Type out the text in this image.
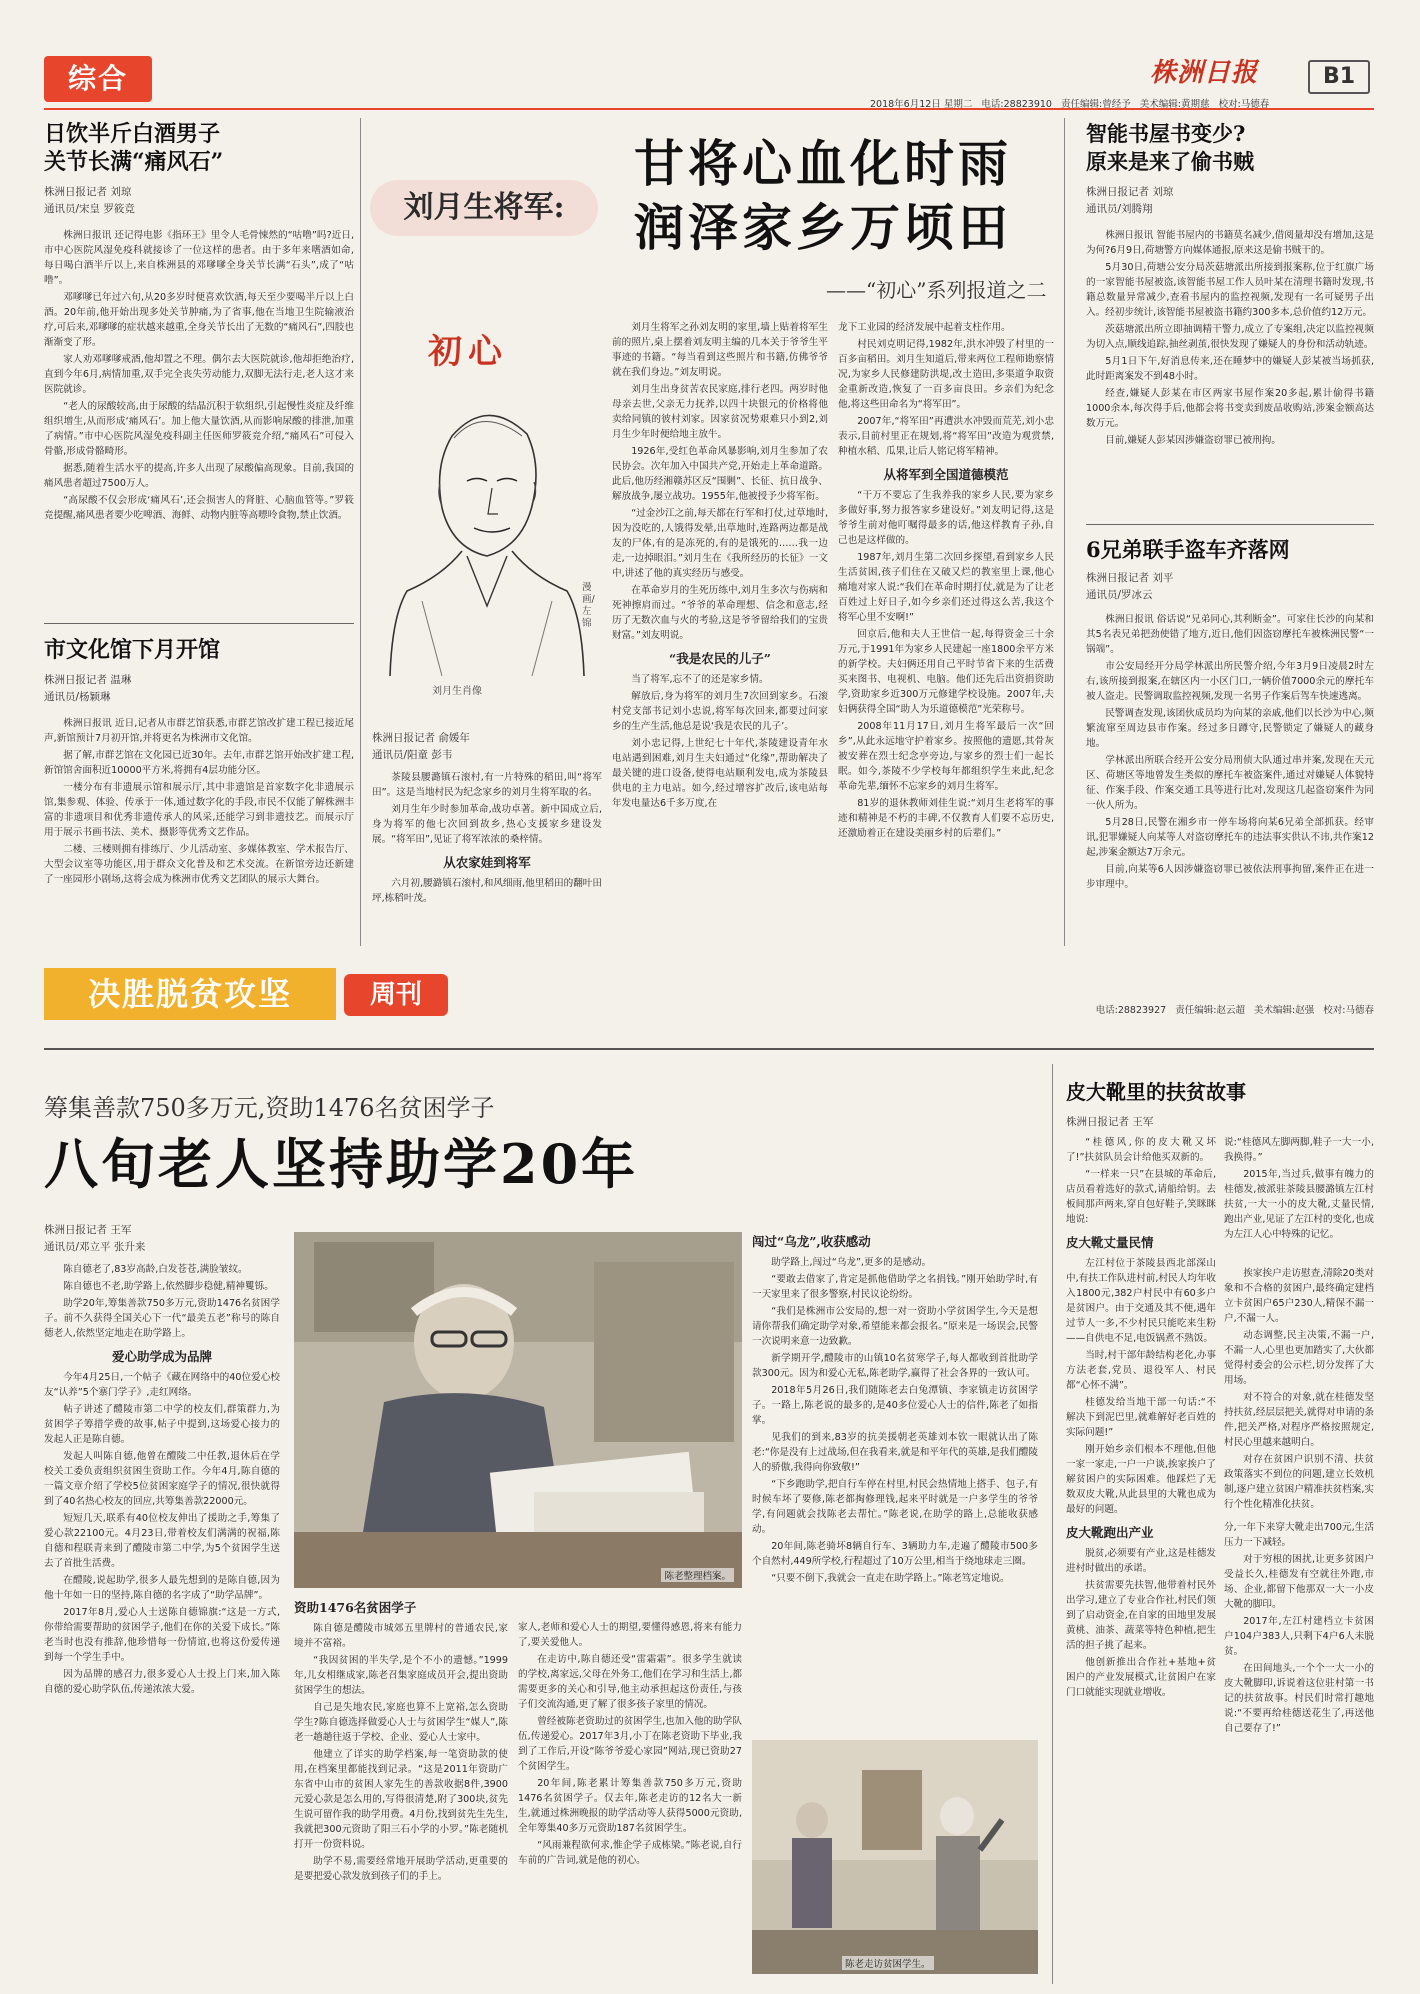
综合	株洲日报	B1
2018年6月12日 星期二 电话:28823910 责任编辑:曾经予 美术编辑:黄期慈 校对:马德春
日饮半斤白酒男子
关节长满“痛风石”
株洲日报记者 刘琼
通讯员/宋皇 罗筱竞

株洲日报讯 还记得电影《指环王》里令人毛骨悚然的“咕噜”吗?近日,市中心医院风湿免疫科就接诊了一位这样的患者。由于多年来嗜酒如命,每日喝白酒半斤以上,来自株洲县的邓嗲嗲全身关节长满“石头”,成了“咕噜”。

邓嗲嗲已年过六旬,从20多岁时便喜欢饮酒,每天至少要喝半斤以上白酒。20年前,他开始出现多处关节肿痛,为了省事,他在当地卫生院输液治疗,可后来,邓嗲嗲的症状越来越重,全身关节长出了无数的“痛风石”,四肢也渐渐变了形。

家人劝邓嗲嗲戒酒,他却置之不理。偶尔去大医院就诊,他却拒绝治疗,直到今年6月,病情加重,双手完全丧失劳动能力,双脚无法行走,老人这才来医院就诊。

“老人的尿酸较高,由于尿酸的结晶沉积于软组织,引起慢性炎症及纤维组织增生,从而形成‘痛风石’。加上他大量饮酒,从而影响尿酸的排泄,加重了病情。”市中心医院风湿免疫科副主任医师罗筱竞介绍,“痛风石”可侵入骨骼,形成骨骼畸形。

据悉,随着生活水平的提高,许多人出现了尿酸偏高现象。目前,我国的痛风患者超过7500万人。

“高尿酸不仅会形成‘痛风石’,还会损害人的肾脏、心脑血管等。”罗筱竞提醒,痛风患者要少吃啤酒、海鲜、动物内脏等高嘌呤食物,禁止饮酒。

市文化馆下月开馆
株洲日报记者 温琳
通讯员/杨颖琳

株洲日报讯 近日,记者从市群艺馆获悉,市群艺馆改扩建工程已接近尾声,新馆预计7月初开馆,并将更名为株洲市文化馆。

据了解,市群艺馆在文化园已近30年。去年,市群艺馆开始改扩建工程,新馆馆舍面积近10000平方米,将拥有4层功能分区。

一楼分布有非遗展示馆和展示厅,其中非遗馆是首家数字化非遗展示馆,集参观、体验、传承于一体,通过数字化的手段,市民不仅能了解株洲丰富的非遗项目和优秀非遗传承人的风采,还能学习到非遗技艺。而展示厅用于展示书画书法、美术、摄影等优秀文艺作品。

二楼、三楼则拥有排练厅、少儿活动室、多媒体教室、学术报告厅、大型会议室等功能区,用于群众文化普及和艺术交流。在新馆旁边还新建了一座园形小剧场,这将会成为株洲市优秀文艺团队的展示大舞台。

刘月生将军:
甘将心血化时雨
润泽家乡万顷田
——“初心”系列报道之二
初心
刘月生肖像
漫画/左锦
株洲日报记者 俞媛年
通讯员/阳童 彭韦

茶陵县腰潞镇石滚村,有一片特殊的稻田,叫“将军田”。这是当地村民为纪念家乡的刘月生将军取的名。

刘月生年少时参加革命,战功卓著。新中国成立后,身为将军的他七次回到故乡,热心支援家乡建设发展。“将军田”,见证了将军浓浓的桑梓情。

从农家娃到将军

六月初,腰潞镇石滚村,和风细雨,他里稻田的翻叶田坪,栋稻叶茂。

刘月生将军之孙刘友明的家里,墙上贴着将军生前的照片,桌上摆着刘友明主编的几本关于爷爷生平事迹的书籍。“每当看到这些照片和书籍,仿佛爷爷就在我们身边。”刘友明说。

刘月生出身贫苦农民家庭,排行老四。两岁时他母亲去世,父亲无力抚养,以四十块银元的价格将他卖给同镇的彼村刘家。因家贫况势艰难只小到2,刘月生少年时便给地主放牛。

1926年,受红色革命风暴影响,刘月生参加了农民协会。次年加入中国共产党,开始走上革命道路。此后,他历经湘赣苏区反“围剿”、长征、抗日战争、解放战争,屡立战功。1955年,他被授予少将军衔。

“过金沙江之前,每天都在行军和打仗,过草地时,因为没吃的,人饿得发晕,出草地时,连路两边都是战友的尸体,有的是冻死的,有的是饿死的……我一边走,一边掉眼泪。”刘月生在《我所经历的长征》一文中,讲述了他的真实经历与感受。

在革命岁月的生死历练中,刘月生多次与伤病和死神擦肩而过。“爷爷的革命理想、信念和意志,经历了无数次血与火的考验,这是爷爷留给我们的宝贵财富。”刘友明说。

“我是农民的儿子”

当了将军,忘不了的还是家乡情。

解放后,身为将军的刘月生7次回到家乡。石滚村党支部书记刘小忠说,将军每次回来,都要过问家乡的生产生活,他总是说‘我是农民的儿子’。

刘小忠记得,上世纪七十年代,茶陵建设青年水电站遇到困难,刘月生夫妇通过“化缘”,帮助解决了最关键的进口设备,使得电站顺利发电,成为茶陵县供电的主力电站。如今,经过增容扩改后,该电站每年发电量达6千多万度,在

龙下工业园的经济发展中起着支柱作用。

村民刘克明记得,1982年,洪水冲毁了村里的一百多亩稻田。刘月生知道后,带来两位工程师勘察情况,为家乡人民修建防洪堤,改土造田,多渠道争取资金重新改造,恢复了一百多亩良田。乡亲们为纪念他,将这些田命名为“将军田”。

2007年,“将军田”再遭洪水冲毁而荒芜,刘小忠表示,目前村里正在规划,将“将军田”改造为观赏禁,种植水稻、瓜果,让后人铭记将军精神。

从将军到全国道德模范

“干万不要忘了生我养我的家乡人民,要为家乡多做好事,努力报答家乡建设好。”刘友明记得,这是爷爷生前对他叮嘱得最多的话,他这样教育子孙,自己也是这样做的。

1987年,刘月生第二次回乡探望,看到家乡人民生活贫困,孩子们住在又破又烂的教室里上课,他心痛地对家人说:“我们在革命时期打仗,就是为了让老百姓过上好日子,如今乡亲们还过得这么苦,我这个将军心里不安啊!”

回京后,他和夫人王世信一起,每得资金三十余万元,于1991年为家乡人民建起一座1800余平方米的新学校。夫妇俩还用自己平时节省下来的生活费买来图书、电视机、电脑。他们还先后出资捐资助学,资助家乡近300万元修建学校设施。2007年,夫妇俩获得全国“助人为乐道德模范”光荣称号。

2008年11月17日,刘月生将军最后一次“回乡”,从此永远地守护着家乡。按照他的遗愿,其骨灰被安葬在烈士纪念亭旁边,与家乡的烈士们一起长眠。如今,茶陵不少学校每年都组织学生来此,纪念革命先辈,缅怀不忘家乡的刘月生将军。

81岁的退休教师刘佳生说:“刘月生老将军的事迹和精神是不朽的丰碑,不仅教育人们要不忘历史,还激励着正在建设美丽乡村的后辈们。”

智能书屋书变少?
原来是来了偷书贼
株洲日报记者 刘琼
通讯员/刘腾翔

株洲日报讯 智能书屋内的书籍莫名减少,借阅量却没有增加,这是为何?6月9日,荷塘警方向媒体通报,原来这是偷书贼干的。

5月30日,荷塘公安分局茨菇塘派出所接到报案称,位于红旗广场的一家智能书屋被盗,该智能书屋工作人员叶某在清理书籍时发现,书籍总数量异常减少,查看书屋内的监控视频,发现有一名可疑男子出入。经初步统计,该智能书屋被盗书籍约300多本,总价值约12万元。

茨菇塘派出所立即抽调精干警力,成立了专案组,决定以监控视频为切入点,顺线追踪,抽丝剥茧,很快发现了嫌疑人的身份和活动轨迹。

5月1日下午,好消息传来,还在睡梦中的嫌疑人彭某被当场抓获,此时距离案发不到48小时。

经查,嫌疑人彭某在市区两家书屋作案20多起,累计偷得书籍1000余本,每次得手后,他都会将书变卖到废品收购站,涉案金额高达数万元。

目前,嫌疑人彭某因涉嫌盗窃罪已被刑拘。

6兄弟联手盗车齐落网
株洲日报记者 刘平
通讯员/罗冰云

株洲日报讯 俗话说“兄弟同心,其利断金”。可家住长沙的向某和其5名表兄弟把劲使错了地方,近日,他们因盗窃摩托车被株洲民警“一锅端”。

市公安局经开分局学林派出所民警介绍,今年3月9日凌晨2时左右,该所接到报案,在辖区内一小区门口,一辆价值7000余元的摩托车被人盗走。民警调取监控视频,发现一名男子作案后驾车快速逃离。

民警调查发现,该团伙成员均为向某的亲戚,他们以长沙为中心,频繁流窜至周边县市作案。经过多日蹲守,民警锁定了嫌疑人的藏身地。

学林派出所联合经开公安分局刑侦大队通过串并案,发现在天元区、荷塘区等地曾发生类似的摩托车被盗案件,通过对嫌疑人体貌特征、作案手段、作案交通工具等进行比对,发现这几起盗窃案件为同一伙人所为。

5月28日,民警在湘乡市一停车场将向某6兄弟全部抓获。经审讯,犯罪嫌疑人向某等人对盗窃摩托车的违法事实供认不讳,共作案12起,涉案金额达7万余元。

目前,向某等6人因涉嫌盗窃罪已被依法刑事拘留,案件正在进一步审理中。

决胜脱贫攻坚	周刊
电话:28823927 责任编辑:赵云超 美术编辑:赵强 校对:马德春
筹集善款750多万元,资助1476名贫困学子
八旬老人坚持助学20年
株洲日报记者 王军
通讯员/邓立平 张升来

陈自德老了,83岁高龄,白发苍苍,满脸皱纹。

陈自德也不老,助学路上,依然脚步稳健,精神矍铄。

助学20年,筹集善款750多万元,资助1476名贫困学子。前不久获得全国关心下一代“最美五老”称号的陈自德老人,依然坚定地走在助学路上。

爱心助学成为品牌

今年4月25日,一个帖子《藏在网络中的40位爱心校友“认养”5个寨门学子》,走红网络。

帖子讲述了醴陵市第二中学的校友们,群策群力,为贫困学子筹措学费的故事,帖子中提到,这场爱心接力的发起人正是陈自德。

发起人叫陈自德,他曾在醴陵二中任教,退休后在学校关工委负责组织贫困生资助工作。今年4月,陈自德的一篇文章介绍了学校5位贫困家庭学子的情况,很快就得到了40名热心校友的回应,共筹集善款22000元。

短短几天,联系有40位校友伸出了援助之手,筹集了爱心款22100元。4月23日,带着校友们满满的祝福,陈自德和程联青来到了醴陵市第二中学,为5个贫困学生送去了首批生活费。

在醴陵,说起助学,很多人最先想到的是陈自德,因为他十年如一日的坚持,陈自德的名字成了“助学品牌”。

2017年8月,爱心人士送陈自德锦旗:“这是一方式,你带给需要帮助的贫困学子,他们在你的关爱下成长。”陈老当时也没有推辞,他珍惜每一份情谊,也将这份爱传递到每一个学生手中。

因为品牌的感召力,很多爱心人士投上门来,加入陈自德的爱心助学队伍,传递浓浓大爱。

陈老整理档案。
资助1476名贫困学子

陈自德是醴陵市城郊五里牌村的普通农民,家境并不富裕。

“我因贫困的半失学,是个不小的遗憾。”1999年,儿女相继成家,陈老召集家庭成员开会,提出资助贫困学生的想法。

自己是失地农民,家庭也算不上宽裕,怎么资助学生?陈自德选择做爱心人士与贫困学生“媒人”,陈老一趟趟往返于学校、企业、爱心人士家中。

他建立了详实的助学档案,每一笔资助款的使用,在档案里都能找到记录。“这是2011年资助广东省中山市的贫困人家先生的善款收据8件,3900元爱心款是怎么用的,写得很清楚,附了300块,贫先生说可留作我的助学用费。4月份,找到贫先生先生,我就把300元资助了阳三石小学的小罗。”陈老随机打开一份资料说。

助学不易,需要经常地开展助学活动,更重要的是要把爱心款发放到孩子们的手上。

家人,老师和爱心人士的期望,要懂得感恩,将来有能力了,要关爱他人。

在走访中,陈自德还受“雷霜霜”。很多学生就读的学校,离家远,父母在外务工,他们在学习和生活上,都需要更多的关心和引导,他主动承担起这份责任,与孩子们交流沟通,更了解了很多孩子家里的情况。

曾经被陈老资助过的贫困学生,也加入他的助学队伍,传递爱心。2017年3月,小丁在陈老资助下毕业,我到了工作后,开设“陈爷爷爱心家园”网站,现已资助27个贫困学生。

20年间,陈老累计筹集善款750多万元,资助1476名贫困学子。仅去年,陈老走访的12名大一新生,就通过株洲晚报的助学活动等人获得5000元资助,全年筹集40多万元资助187名贫困学生。

“风雨兼程欲何求,惟企学子成栋梁。”陈老说,自行车前的广告词,就是他的初心。

闯过“乌龙”,收获感动

助学路上,闯过“乌龙”,更多的是感动。

“要敢去借家了,肯定是抓他借助学之名捐钱。”刚开始助学时,有一天家里来了很多警察,村民议论纷纷。

“我们是株洲市公安局的,想一对一资助小学贫困学生,今天是想请你帮我们确定助学对象,希望能来都会报名。”原来是一场误会,民警一次说明来意一边致歉。

新学期开学,醴陵市的山镇10名贫寒学子,每人都收到首批助学款300元。因为和爱心无私,陈老助学,赢得了社会各界的一致认可。

2018年5月26日,我们随陈老去白兔潭镇、李家镇走访贫困学子。一路上,陈老说的最多的,是40多位爱心人士的信件,陈老了如指掌。

见我们的到来,83岁的抗美援朝老英雄刘本钦一眼就认出了陈老:“你是没有上过战场,但在我看来,就是和平年代的英雄,是我们醴陵人的骄傲,我得向你致敬!”

“下乡跑助学,把自行车停在村里,村民会热情地上搭手、包子,有时候车坏了要修,陈老都掏修理钱,起来平时就是一户多学生的爷爷学,有问题就会找陈老去帮忙。”陈老说,在助学的路上,总能收获感动。

20年间,陈老骑坏8辆自行车、3辆助力车,走遍了醴陵市500多个自然村,449所学校,行程超过了10万公里,相当于绕地球走三圈。

“只要不倒下,我就会一直走在助学路上。”陈老笃定地说。

陈老走访贫困学生。
皮大靴里的扶贫故事
株洲日报记者 王军

“桂德风,你的皮大靴又坏了!”扶贫队员会计给他买双新的。

“一样来一只”在县城的革命后,店员看着选好的款式,请船给钥。去板间那声两来,穿自包好鞋子,笑眯眯地说:

皮大靴丈量民情

左江村位于茶陵县西北部深山中,有扶工作队进村前,村民人均年收入1800元,382户村民中有60多户是贫困户。由于交通及其不便,遇年过节人一多,不少村民只能吃来生粉——自供电不足,电饭锅煮不熟饭。

当时,村干部年龄结构老化,办事方法老套,党员、退役军人、村民都“心怀不满”。

桂德发给当地干部一句话:“不解决下到泥巴里,就难解好老百姓的实际问题!”

刚开始乡亲们根本不理他,但他一家一家走,一户一户谈,挨家挨户了解贫困户的实际困难。他踩烂了无数双皮大靴,从此县里的大靴也成为最好的问题。

皮大靴跑出产业

脱贫,必须要有产业,这是桂德发进村时做出的承诺。

扶贫需要先扶智,他带着村民外出学习,建立了专业合作社,村民们领到了启动资金,在自家的田地里发展黄桃、油茶、蔬菜等特色种植,把生活的担子挑了起来。

他创新推出合作社+基地+贫困户的产业发展模式,让贫困户在家门口就能实现就业增收。

说:“桂德风左脚两脚,鞋子一大一小,我换得。”

2015年,当过兵,做事有魄力的桂德发,被派驻茶陵县腰潞镇左江村扶贫,一大一小的皮大靴,丈量民情,跑出产业,见证了左江村的变化,也成为左江人心中特殊的记忆。

挨家挨户走访慰查,清除20类对象和不合格的贫困户,最终确定建档立卡贫困户65户230人,精保不漏一户,不漏一人。

动态调整,民主决策,不漏一户,不漏一人,心里也更加踏实了,大伙都觉得村委会的公示栏,切分发挥了大用场。

对不符合的对象,就在桂德发坚持扶贫,经层层把关,就得对申请的条件,把关严格,对程序严格按照规定,村民心里越来越明白。

对存在贫困户识别不清、扶贫政策落实不到位的问题,建立长效机制,逐户建立贫困户精准扶贫档案,实行个性化精准化扶贫。

分,一年下来穿大靴走出700元,生活压力一下减轻。

对于穷根的困扰,让更多贫困户受益长久,桂德发有空就往外跑,市场、企业,都留下他那双一大一小皮大靴的脚印。

2017年,左江村建档立卡贫困户104户383人,只剩下4户6人未脱贫。

在田间地头,一个个一大一小的皮大靴脚印,诉说着这位驻村第一书记的扶贫故事。村民们时常打趣地说:“不要再给桂德送花生了,再送他自己要存了!”
